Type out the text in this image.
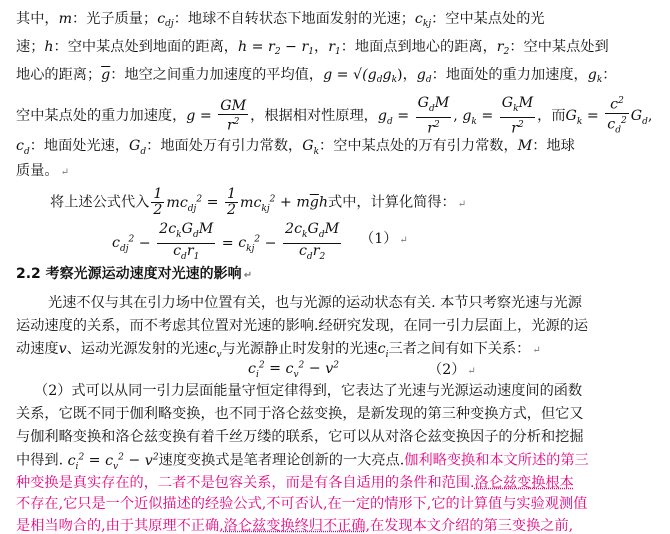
其中，m：光子质量；$c_{dj}$：地球不自转状态下地面发射的光速；$c_{kj}$：空中某点处的光
速；h：空中某点处到地面的距离，$h = r_2 - r_1$，$r_1$：地面点到地心的距离，$r_2$：空中某点处到
地心的距离；$\overline{g}$：地空之间重力加速度的平均值，$g = √(g_dg_k)$，$g_d$：地面处的重力加速度，$g_k$：
空中某点处的重力加速度，$g = \frac{GM}{r^2}$ ，根据相对性原理，$g_d = \frac{G_dM}{r^2}$ , $g_k = \frac{G_kM}{r^2}$ ，而$G_k = \frac{c^2}{c_d^2} G_d$,
$c_d$：地面处光速，$G_d$：地面处万有引力常数，$G_k$：空中某点处的万有引力常数，M：地球
质量。 ↵
将上述公式代入 $\frac{1}{2} mc_{dj}^2 = \frac{1}{2} mc_{kj}^2 + m\overline{g}h$式中，计算化简得： ↵
$c_{dj}^2 - \frac{2c_kG_dM}{c_dr_1} = c_{kj}^2 - \frac{2c_kG_dM}{c_dr_2} (1)$ ↵
2.2 考察光源运动速度对光速的影响 ↵
光速不仅与其在引力场中位置有关，也与光源的运动状态有关. 本节只考察光速与光源
运动速度的关系，而不考虑其位置对光速的影响.经研究发现，在同一引力层面上，光源的运
动速度v、运动光源发射的光速$c_v$与光源静止时发射的光速$c_i$三者之间有如下关系： ↵
$c_i^2 = c_v^2 - v^2$	（2） ↵
（2）式可以从同一引力层面能量守恒定律得到，它表达了光速与光源运动速度间的函数
关系，它既不同于伽利略变换，也不同于洛仑兹变换，是新发现的第三种变换方式，但它又
与伽利略变换和洛仑兹变换有着千丝万缕的联系，它可以从对洛仑兹变换因子的分析和挖掘
中得到. $c_i^2 = c_v^2 - v^2$速度变换式是笔者理论创新的一大亮点.伽利略变换和本文所述的第三
种变换是真实存在的，二者不是包容关系，而是有各自适用的条件和范围.洛仑兹变换根本
不存在,它只是一个近似描述的经验公式,不可否认,在一定的情形下,它的计算值与实验观测值
是相当吻合的,由于其原理不正确,洛仑兹变换终归不正确,在发现本文介绍的第三变换之前,
